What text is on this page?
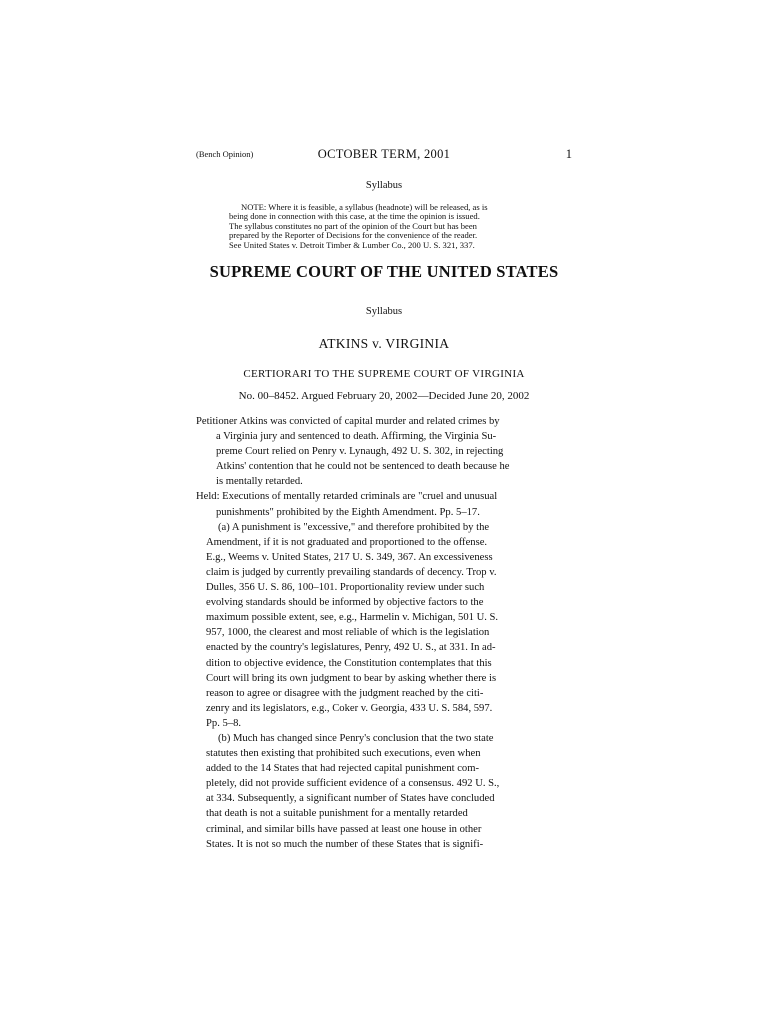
(Bench Opinion)	OCTOBER TERM, 2001	1
Syllabus
NOTE: Where it is feasible, a syllabus (headnote) will be released, as is
being done in connection with this case, at the time the opinion is issued.
The syllabus constitutes no part of the opinion of the Court but has been
prepared by the Reporter of Decisions for the convenience of the reader.
See United States v. Detroit Timber & Lumber Co., 200 U. S. 321, 337.
SUPREME COURT OF THE UNITED STATES
Syllabus
ATKINS v. VIRGINIA
CERTIORARI TO THE SUPREME COURT OF VIRGINIA
No. 00–8452. Argued February 20, 2002—Decided June 20, 2002
Petitioner Atkins was convicted of capital murder and related crimes by
a Virginia jury and sentenced to death. Affirming, the Virginia Su-
preme Court relied on Penry v. Lynaugh, 492 U. S. 302, in rejecting
Atkins' contention that he could not be sentenced to death because he
is mentally retarded.
Held: Executions of mentally retarded criminals are "cruel and unusual
punishments" prohibited by the Eighth Amendment. Pp. 5–17.
(a) A punishment is "excessive," and therefore prohibited by the
Amendment, if it is not graduated and proportioned to the offense.
E.g., Weems v. United States, 217 U. S. 349, 367. An excessiveness
claim is judged by currently prevailing standards of decency. Trop v.
Dulles, 356 U. S. 86, 100–101. Proportionality review under such
evolving standards should be informed by objective factors to the
maximum possible extent, see, e.g., Harmelin v. Michigan, 501 U. S.
957, 1000, the clearest and most reliable of which is the legislation
enacted by the country's legislatures, Penry, 492 U. S., at 331. In ad-
dition to objective evidence, the Constitution contemplates that this
Court will bring its own judgment to bear by asking whether there is
reason to agree or disagree with the judgment reached by the citi-
zenry and its legislators, e.g., Coker v. Georgia, 433 U. S. 584, 597.
Pp. 5–8.
(b) Much has changed since Penry's conclusion that the two state
statutes then existing that prohibited such executions, even when
added to the 14 States that had rejected capital punishment com-
pletely, did not provide sufficient evidence of a consensus. 492 U. S.,
at 334. Subsequently, a significant number of States have concluded
that death is not a suitable punishment for a mentally retarded
criminal, and similar bills have passed at least one house in other
States. It is not so much the number of these States that is signifi-
